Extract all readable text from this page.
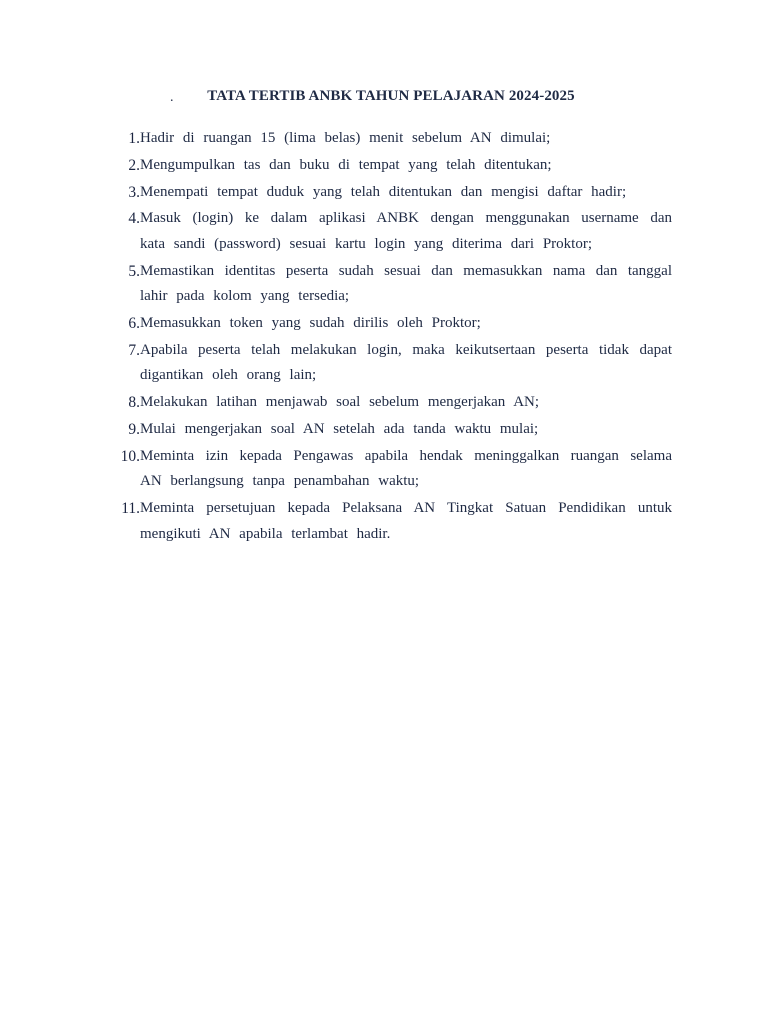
.	TATA TERTIB ANBK TAHUN PELAJARAN 2024-2025
1. Hadir di ruangan 15 (lima belas) menit sebelum AN dimulai;
2. Mengumpulkan tas dan buku di tempat yang telah ditentukan;
3. Menempati tempat duduk yang telah ditentukan dan mengisi daftar hadir;
4. Masuk (login) ke dalam aplikasi ANBK dengan menggunakan username dan kata sandi (password) sesuai kartu login yang diterima dari Proktor;
5. Memastikan identitas peserta sudah sesuai dan memasukkan nama dan tanggal lahir pada kolom yang tersedia;
6. Memasukkan token yang sudah dirilis oleh Proktor;
7. Apabila peserta telah melakukan login, maka keikutsertaan peserta tidak dapat digantikan oleh orang lain;
8. Melakukan latihan menjawab soal sebelum mengerjakan AN;
9. Mulai mengerjakan soal AN setelah ada tanda waktu mulai;
10. Meminta izin kepada Pengawas apabila hendak meninggalkan ruangan selama AN berlangsung tanpa penambahan waktu;
11. Meminta persetujuan kepada Pelaksana AN Tingkat Satuan Pendidikan untuk mengikuti AN apabila terlambat hadir.
